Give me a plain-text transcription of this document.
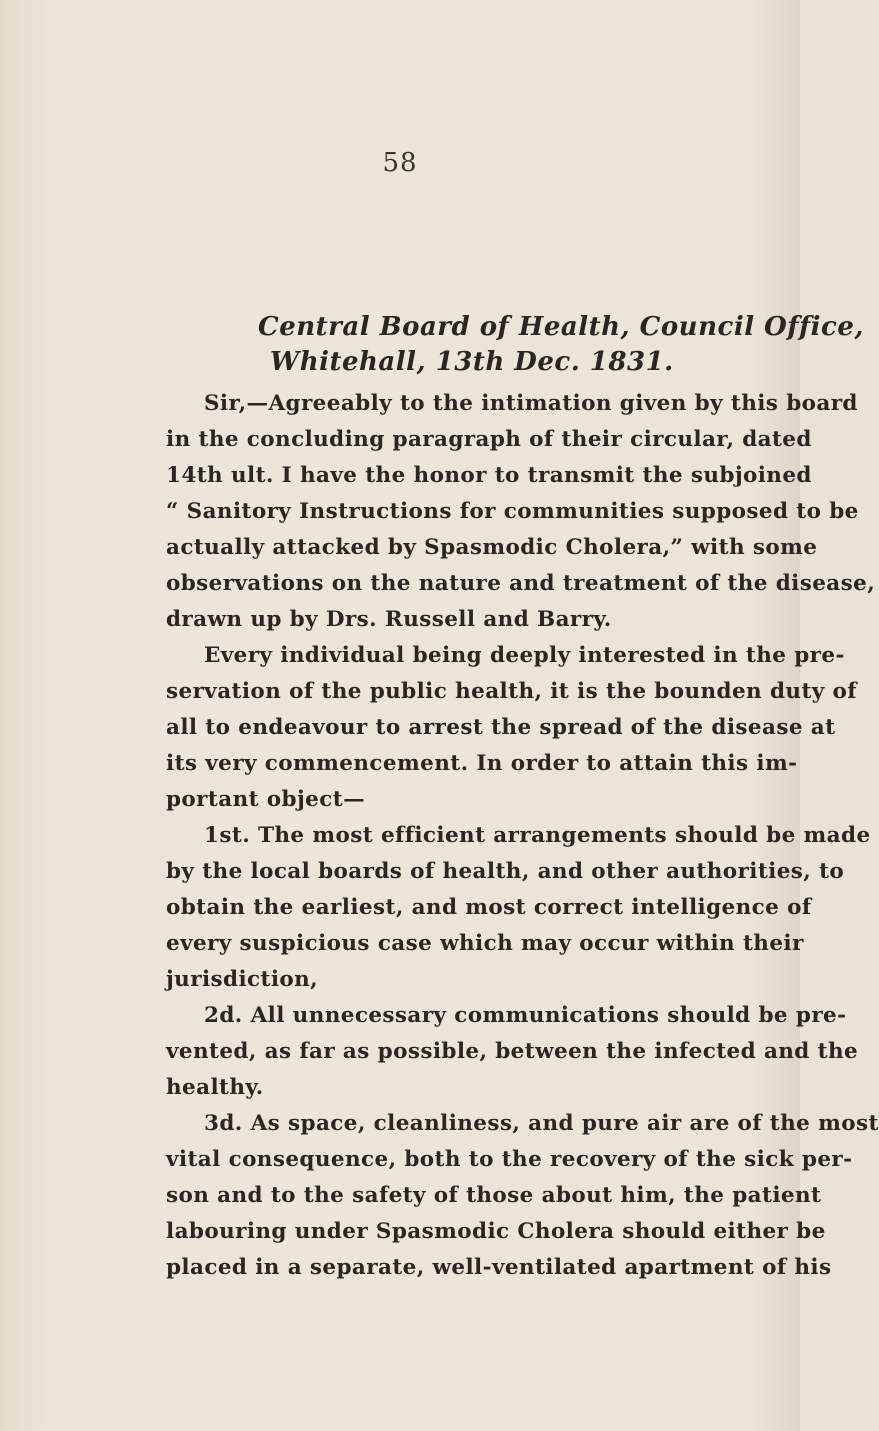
58
Central Board of Health, Council Office,
Whitehall, 13th Dec. 1831.
Sir,—Agreeably to the intimation given by this board
in the concluding paragraph of their circular, dated
14th ult. I have the honor to transmit the subjoined
“ Sanitory Instructions for communities supposed to be
actually attacked by Spasmodic Cholera,” with some
observations on the nature and treatment of the disease,
drawn up by Drs. Russell and Barry.
Every individual being deeply interested in the pre-
servation of the public health, it is the bounden duty of
all to endeavour to arrest the spread of the disease at
its very commencement. In order to attain this im-
portant object—
1st. The most efficient arrangements should be made
by the local boards of health, and other authorities, to
obtain the earliest, and most correct intelligence of
every suspicious case which may occur within their
jurisdiction,
2d. All unnecessary communications should be pre-
vented, as far as possible, between the infected and the
healthy.
3d. As space, cleanliness, and pure air are of the most
vital consequence, both to the recovery of the sick per-
son and to the safety of those about him, the patient
labouring under Spasmodic Cholera should either be
placed in a separate, well-ventilated apartment of his
